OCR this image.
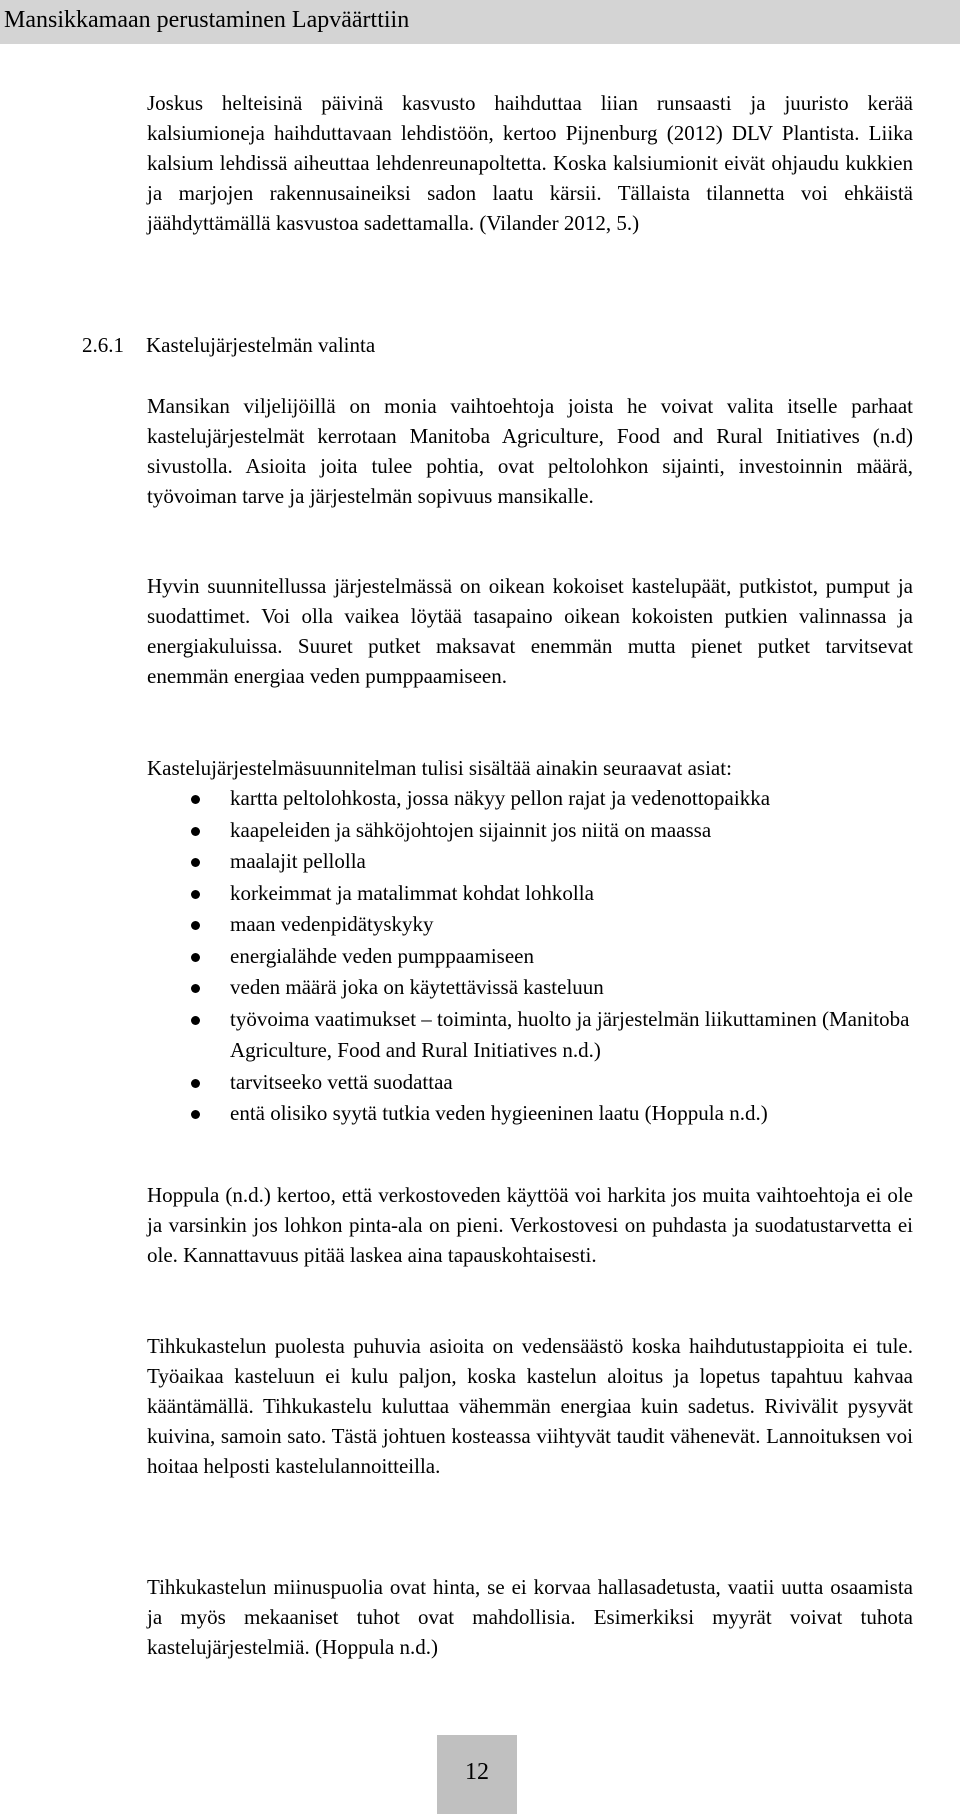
Mansikkamaan perustaminen Lapväärttiin

Joskus helteisinä päivinä kasvusto haihduttaa liian runsaasti ja juuristo kerää kalsiumioneja haihduttavaan lehdistöön, kertoo Pijnenburg (2012) DLV Plantista. Liika kalsium lehdissä aiheuttaa lehdenreunapoltetta. Koska kalsiumionit eivät ohjaudu kukkien ja marjojen rakennusaineiksi sadon laatu kärsii. Tällaista tilannetta voi ehkäistä jäähdyttämällä kasvustoa sadettamalla. (Vilander 2012, 5.)

2.6.1 Kastelujärjestelmän valinta

Mansikan viljelijöillä on monia vaihtoehtoja joista he voivat valita itselle parhaat kastelujärjestelmät kerrotaan Manitoba Agriculture, Food and Rural Initiatives (n.d) sivustolla. Asioita joita tulee pohtia, ovat peltolohkon sijainti, investoinnin määrä, työvoiman tarve ja järjestelmän sopivuus mansikalle.

Hyvin suunnitellussa järjestelmässä on oikean kokoiset kastelupäät, putkistot, pumput ja suodattimet. Voi olla vaikea löytää tasapaino oikean kokoisten putkien valinnassa ja energiakuluissa. Suuret putket maksavat enemmän mutta pienet putket tarvitsevat enemmän energiaa veden pumppaamiseen.

Kastelujärjestelmäsuunnitelman tulisi sisältää ainakin seuraavat asiat:

kartta peltolohkosta, jossa näkyy pellon rajat ja vedenottopaikka
kaapeleiden ja sähköjohtojen sijainnit jos niitä on maassa
maalajit pellolla
korkeimmat ja matalimmat kohdat lohkolla
maan vedenpidätyskyky
energialähde veden pumppaamiseen
veden määrä joka on käytettävissä kasteluun
työvoima vaatimukset – toiminta, huolto ja järjestelmän liikuttaminen (Manitoba Agriculture, Food and Rural Initiatives n.d.)
tarvitseeko vettä suodattaa
entä olisiko syytä tutkia veden hygieeninen laatu (Hoppula n.d.)

Hoppula (n.d.) kertoo, että verkostoveden käyttöä voi harkita jos muita vaihtoehtoja ei ole ja varsinkin jos lohkon pinta-ala on pieni. Verkostovesi on puhdasta ja suodatustarvetta ei ole. Kannattavuus pitää laskea aina tapauskohtaisesti.

Tihkukastelun puolesta puhuvia asioita on vedensäästö koska haihdutustappioita ei tule. Työaikaa kasteluun ei kulu paljon, koska kastelun aloitus ja lopetus tapahtuu kahvaa kääntämällä. Tihkukastelu kuluttaa vähemmän energiaa kuin sadetus. Rivivälit pysyvät kuivina, samoin sato. Tästä johtuen kosteassa viihtyvät taudit vähenevät. Lannoituksen voi hoitaa helposti kastelulannoitteilla.

Tihkukastelun miinuspuolia ovat hinta, se ei korvaa hallasadetusta, vaatii uutta osaamista ja myös mekaaniset tuhot ovat mahdollisia. Esimerkiksi myyrät voivat tuhota kastelujärjestelmiä. (Hoppula n.d.)

12
